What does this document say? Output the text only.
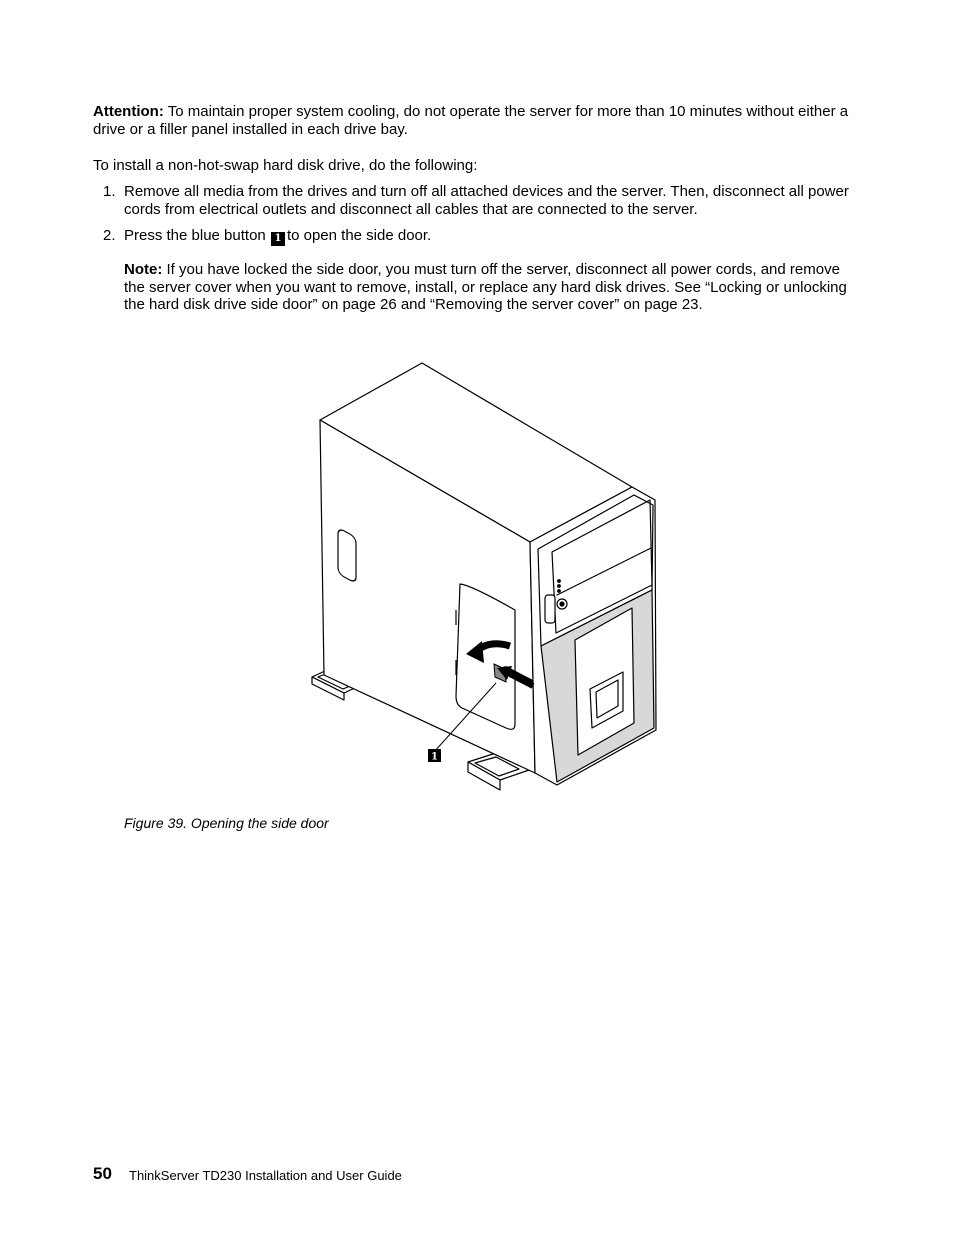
Attention: To maintain proper system cooling, do not operate the server for more than 10 minutes without either a drive or a filler panel installed in each drive bay.

To install a non-hot-swap hard disk drive, do the following:

1. Remove all media from the drives and turn off all attached devices and the server. Then, disconnect all power cords from electrical outlets and disconnect all cables that are connected to the server.

2. Press the blue button 1 to open the side door.

Note: If you have locked the side door, you must turn off the server, disconnect all power cords, and remove the server cover when you want to remove, install, or replace any hard disk drives. See “Locking or unlocking the hard disk drive side door” on page 26 and “Removing the server cover” on page 23.

1
Figure 39. Opening the side door
50 ThinkServer TD230 Installation and User Guide
